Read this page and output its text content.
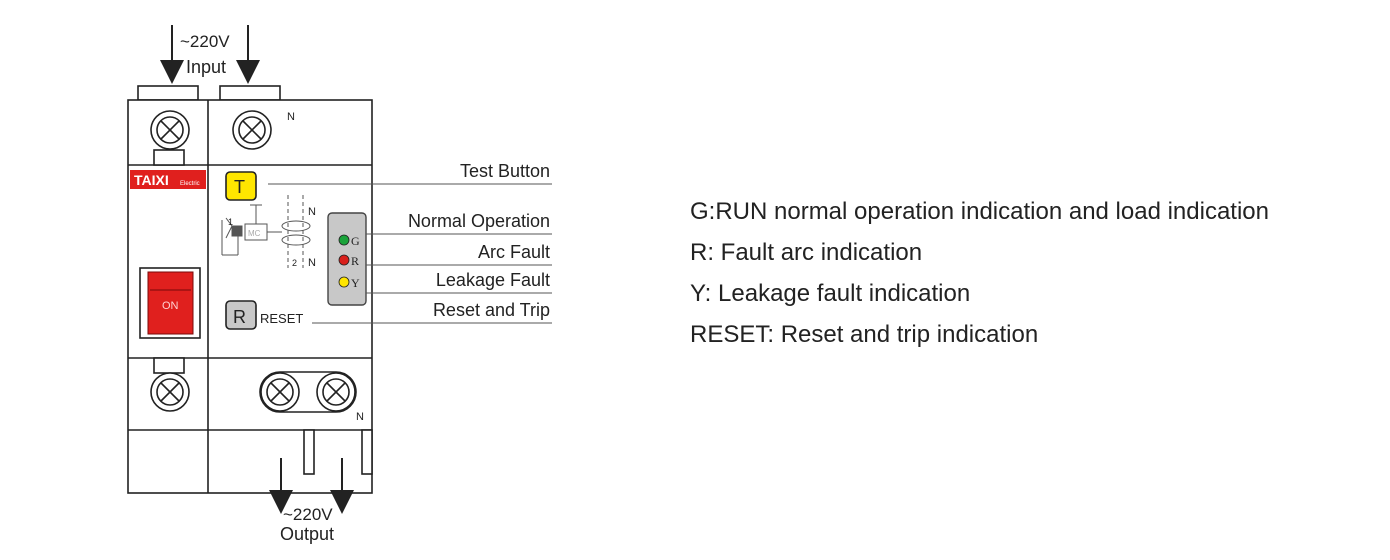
~220V
Input
N
TAIXI Electric
ON
T
Test Button
N
N
1
2
MC
G
R
Y
Normal Operation
Arc Fault
Leakage Fault
R RESET	Reset and Trip
N
~220V
Output
G:RUN normal operation indication and load indication
R: Fault arc indication
Y: Leakage fault indication
RESET: Reset and trip indication
